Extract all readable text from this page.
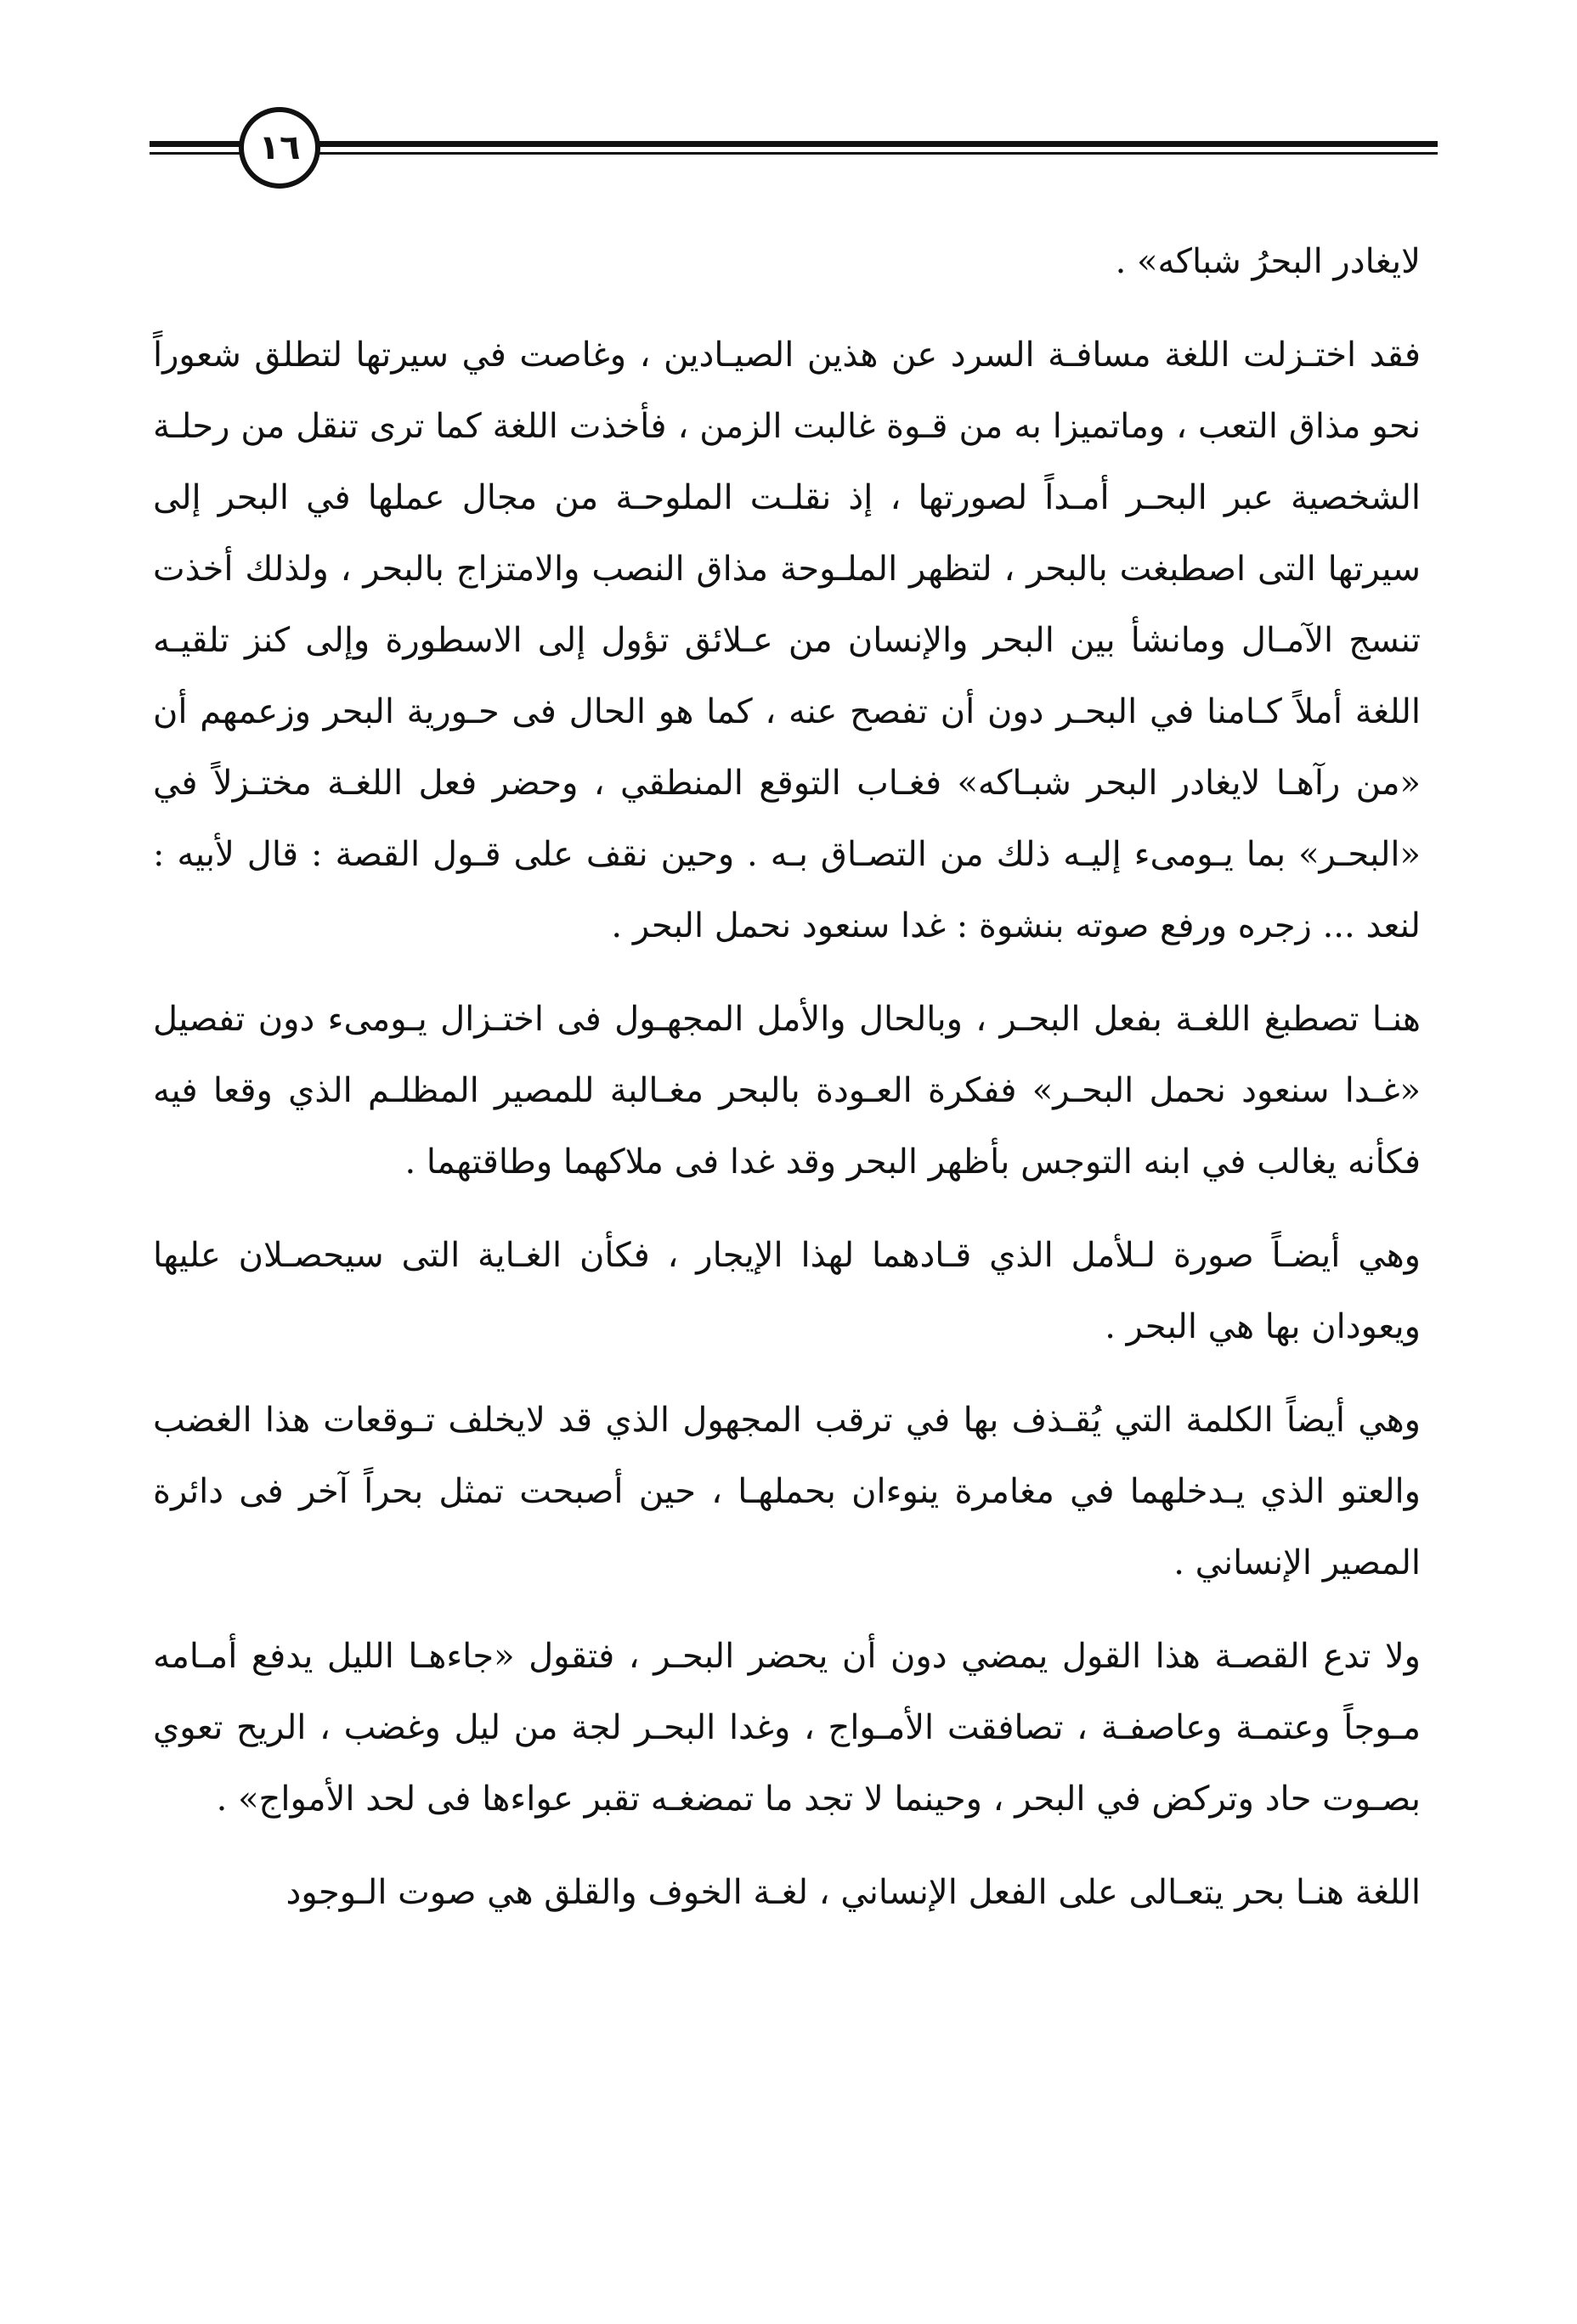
١٦

لايغادر البحرُ شباكه» .

فقد اختـزلت اللغة مسافـة السرد عن هذين الصيـادين ، وغاصت في سيرتها لتطلق شعوراً نحو مذاق التعب ، وماتميزا به من قـوة غالبت الزمن ، فأخذت اللغة كما ترى تنقل من رحلـة الشخصية عبر البحـر أمـداً لصورتها ، إذ نقلـت الملوحـة من مجال عملها في البحر إلى سيرتها التى اصطبغت بالبحر ، لتظهر الملـوحة مذاق النصب والامتزاج بالبحر ، ولذلك أخذت تنسج الآمـال ومانشأ بين البحر والإنسان من عـلائق تؤول إلى الاسطورة وإلى كنز تلقيـه اللغة أملاً كـامنا في البحـر دون أن تفصح عنه ، كما هو الحال فى حـورية البحر وزعمهم أن «من رآهـا لايغادر البحر شبـاكه» فغـاب التوقع المنطقي ، وحضر فعل اللغـة مختـزلاً في «البحـر» بما يـومىء إليـه ذلك من التصـاق بـه . وحين نقف على قـول القصة : قال لأبيه : لنعد ... زجره ورفع صوته بنشوة : غدا سنعود نحمل البحر .

هنـا تصطبغ اللغـة بفعل البحـر ، وبالحال والأمل المجهـول فى اختـزال يـومىء دون تفصيل «غـدا سنعود نحمل البحـر» ففكرة العـودة بالبحر مغـالبة للمصير المظلـم الذي وقعا فيه فكأنه يغالب في ابنه التوجس بأظهر البحر وقد غدا فى ملاكهما وطاقتهما .

وهي أيضـاً صورة لـلأمل الذي قـادهما لهذا الإيجار ، فكأن الغـاية التى سيحصـلان عليها ويعودان بها هي البحر .

وهي أيضاً الكلمة التي يُقـذف بها في ترقب المجهول الذي قد لايخلف تـوقعات هذا الغضب والعتو الذي يـدخلهما في مغامرة ينوءان بحملهـا ، حين أصبحت تمثل بحراً آخر فى دائرة المصير الإنساني .

ولا تدع القصـة هذا القول يمضي دون أن يحضر البحـر ، فتقول «جاءهـا الليل يدفع أمـامه مـوجاً وعتمـة وعاصفـة ، تصافقت الأمـواج ، وغدا البحـر لجة من ليل وغضب ، الريح تعوي بصـوت حاد وتركض في البحر ، وحينما لا تجد ما تمضغـه تقبر عواءها فى لحد الأمواج» .

اللغة هنـا بحر يتعـالى على الفعل الإنساني ، لغـة الخوف والقلق هي صوت الـوجود
